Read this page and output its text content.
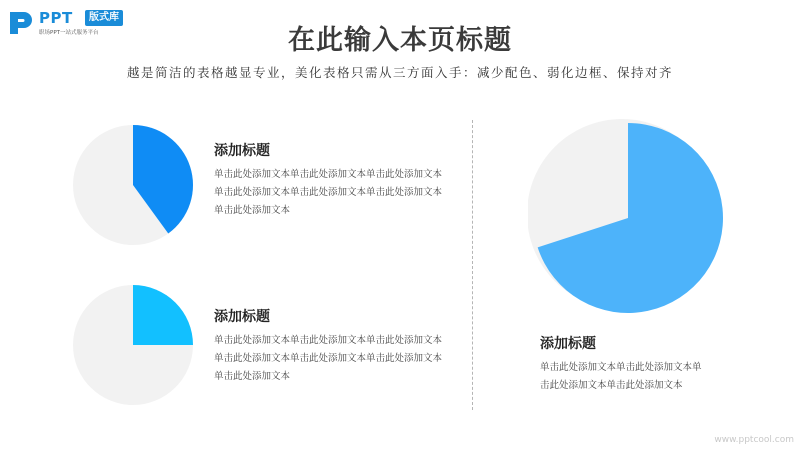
PPT	版式库
职场PPT一站式服务平台	在此输入本页标题
越是简洁的表格越显专业，美化表格只需从三方面入手：减少配色、弱化边框、保持对齐
添加标题

单击此处添加文本单击此处添加文本单击此处添加文本单击此处添加文本单击此处添加文本单击此处添加文本单击此处添加文本

添加标题

单击此处添加文本单击此处添加文本单击此处添加文本单击此处添加文本单击此处添加文本单击此处添加文本单击此处添加文本

添加标题

单击此处添加文本单击此处添加文本单击此处添加文本单击此处添加文本

www.pptcool.com
